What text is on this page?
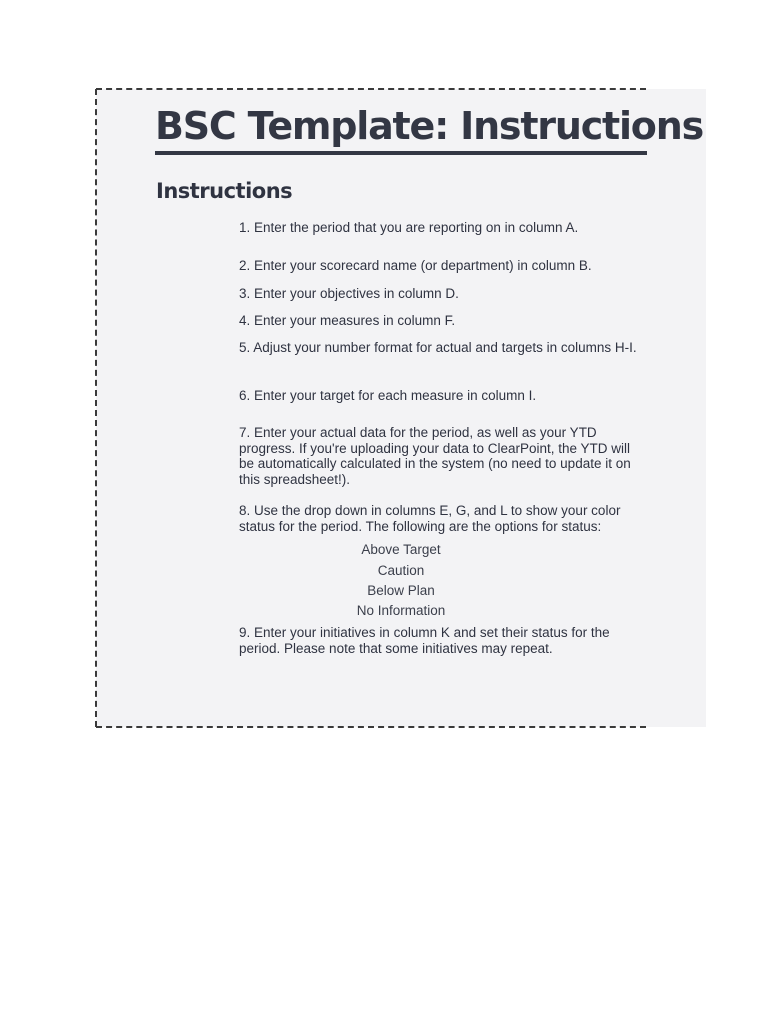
BSC Template: Instructions
Instructions

1. Enter the period that you are reporting on in column A.

2. Enter your scorecard name (or department) in column B.

3. Enter your objectives in column D.

4. Enter your measures in column F.

5. Adjust your number format for actual and targets in columns H-I.

6. Enter your target for each measure in column I.

7. Enter your actual data for the period, as well as your YTD progress. If you're uploading your data to ClearPoint, the YTD will be automatically calculated in the system (no need to update it on this spreadsheet!).

8. Use the drop down in columns E, G, and L to show your color status for the period. The following are the options for status:

Above Target

Caution

Below Plan

No Information

9. Enter your initiatives in column K and set their status for the period. Please note that some initiatives may repeat.
